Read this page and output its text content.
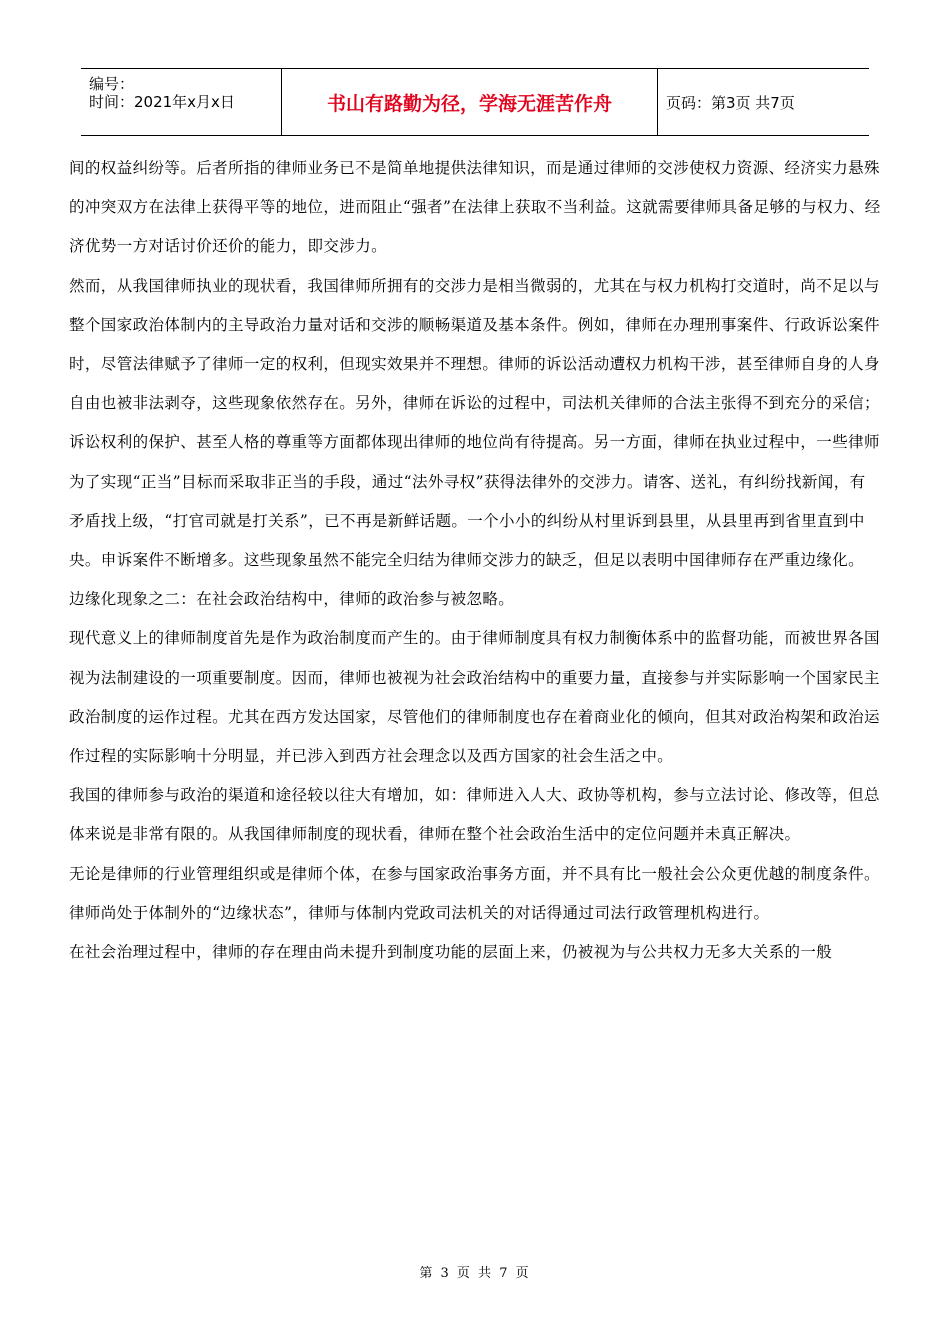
编号：
时间：2021年x月x日	书山有路勤为径，学海无涯苦作舟	页码：第3页 共7页

间的权益纠纷等。后者所指的律师业务已不是简单地提供法律知识，而是通过律师的交涉使权力资源、经济实力悬殊的冲突双方在法律上获得平等的地位，进而阻止“强者”在法律上获取不当利益。这就需要律师具备足够的与权力、经济优势一方对话讨价还价的能力，即交涉力。

然而，从我国律师执业的现状看，我国律师所拥有的交涉力是相当微弱的，尤其在与权力机构打交道时，尚不足以与整个国家政治体制内的主导政治力量对话和交涉的顺畅渠道及基本条件。例如，律师在办理刑事案件、行政诉讼案件时，尽管法律赋予了律师一定的权利，但现实效果并不理想。律师的诉讼活动遭权力机构干涉，甚至律师自身的人身自由也被非法剥夺，这些现象依然存在。另外，律师在诉讼的过程中，司法机关律师的合法主张得不到充分的采信；诉讼权利的保护、甚至人格的尊重等方面都体现出律师的地位尚有待提高。另一方面，律师在执业过程中，一些律师为了实现“正当”目标而采取非正当的手段，通过“法外寻权”获得法律外的交涉力。请客、送礼，有纠纷找新闻，有矛盾找上级，“打官司就是打关系”，已不再是新鲜话题。一个小小的纠纷从村里诉到县里，从县里再到省里直到中央。申诉案件不断增多。这些现象虽然不能完全归结为律师交涉力的缺乏，但足以表明中国律师存在严重边缘化。

边缘化现象之二：在社会政治结构中，律师的政治参与被忽略。

现代意义上的律师制度首先是作为政治制度而产生的。由于律师制度具有权力制衡体系中的监督功能，而被世界各国视为法制建设的一项重要制度。因而，律师也被视为社会政治结构中的重要力量，直接参与并实际影响一个国家民主政治制度的运作过程。尤其在西方发达国家，尽管他们的律师制度也存在着商业化的倾向，但其对政治构架和政治运作过程的实际影响十分明显，并已涉入到西方社会理念以及西方国家的社会生活之中。

我国的律师参与政治的渠道和途径较以往大有增加，如：律师进入人大、政协等机构，参与立法讨论、修改等，但总体来说是非常有限的。从我国律师制度的现状看，律师在整个社会政治生活中的定位问题并未真正解决。

无论是律师的行业管理组织或是律师个体，在参与国家政治事务方面，并不具有比一般社会公众更优越的制度条件。律师尚处于体制外的“边缘状态”，律师与体制内党政司法机关的对话得通过司法行政管理机构进行。

在社会治理过程中，律师的存在理由尚未提升到制度功能的层面上来，仍被视为与公共权力无多大关系的一般

第 3 页 共 7 页
